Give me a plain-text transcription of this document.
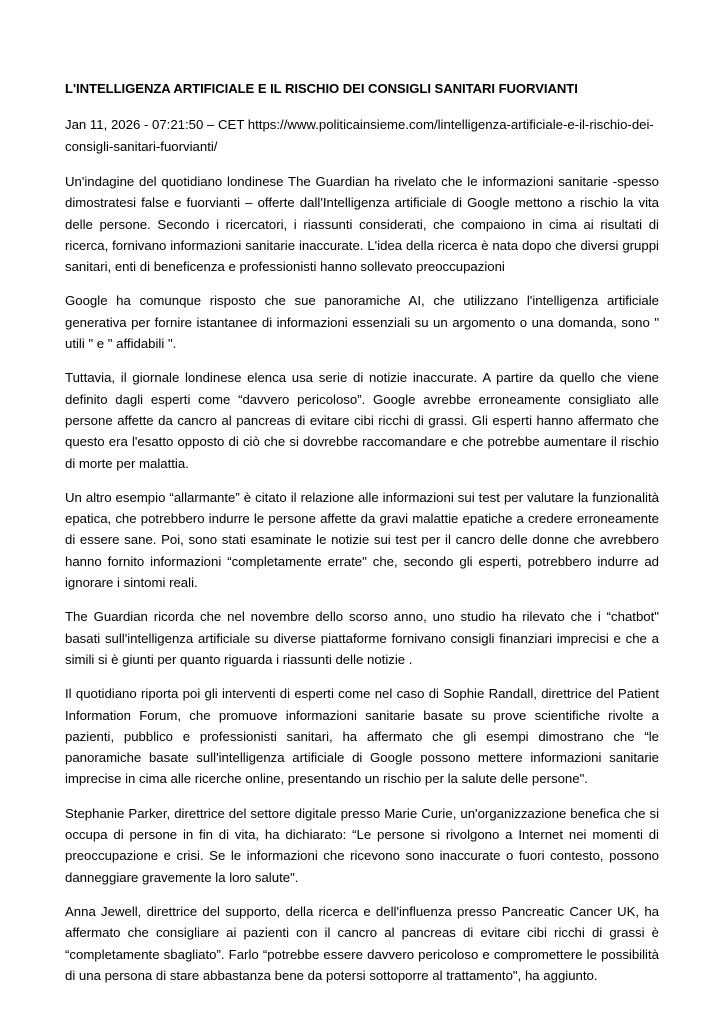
L'INTELLIGENZA ARTIFICIALE E IL RISCHIO DEI CONSIGLI SANITARI FUORVIANTI

Jan 11, 2026 - 07:21:50 – CET https://www.politicainsieme.com/lintelligenza-artificiale-e-il-rischio-dei-consigli-sanitari-fuorvianti/

Un'indagine del quotidiano londinese The Guardian ha rivelato che le informazioni sanitarie -spesso dimostratesi false e fuorvianti – offerte dall'Intelligenza artificiale di Google mettono a rischio la vita delle persone. Secondo i ricercatori, i riassunti considerati, che compaiono in cima ai risultati di ricerca, fornivano informazioni sanitarie inaccurate. L'idea della ricerca è nata dopo che diversi gruppi sanitari, enti di beneficenza e professionisti hanno sollevato preoccupazioni

Google ha comunque risposto che sue panoramiche AI, che utilizzano l'intelligenza artificiale generativa per fornire istantanee di informazioni essenziali su un argomento o una domanda, sono " utili " e " affidabili ".

Tuttavia, il giornale londinese elenca usa serie di notizie inaccurate. A partire da quello che viene definito dagli esperti come “davvero pericoloso”. Google avrebbe erroneamente consigliato alle persone affette da cancro al pancreas di evitare cibi ricchi di grassi. Gli esperti hanno affermato che questo era l'esatto opposto di ciò che si dovrebbe raccomandare e che potrebbe aumentare il rischio di morte per malattia.

Un altro esempio “allarmante” è citato il relazione alle informazioni sui test per valutare la funzionalità epatica, che potrebbero indurre le persone affette da gravi malattie epatiche a credere erroneamente di essere sane. Poi, sono stati esaminate le notizie sui test per il cancro delle donne che avrebbero hanno fornito informazioni “completamente errate" che, secondo gli esperti, potrebbero indurre ad ignorare i sintomi reali.

The Guardian ricorda che nel novembre dello scorso anno, uno studio ha rilevato che i “chatbot" basati sull'intelligenza artificiale su diverse piattaforme fornivano consigli finanziari imprecisi e che a simili si è giunti per quanto riguarda i riassunti delle notizie .

Il quotidiano riporta poi gli interventi di esperti come nel caso di Sophie Randall, direttrice del Patient Information Forum, che promuove informazioni sanitarie basate su prove scientifiche rivolte a pazienti, pubblico e professionisti sanitari, ha affermato che gli esempi dimostrano che “le panoramiche basate sull'intelligenza artificiale di Google possono mettere informazioni sanitarie imprecise in cima alle ricerche online, presentando un rischio per la salute delle persone".

Stephanie Parker, direttrice del settore digitale presso Marie Curie, un'organizzazione benefica che si occupa di persone in fin di vita, ha dichiarato: “Le persone si rivolgono a Internet nei momenti di preoccupazione e crisi. Se le informazioni che ricevono sono inaccurate o fuori contesto, possono danneggiare gravemente la loro salute".

Anna Jewell, direttrice del supporto, della ricerca e dell'influenza presso Pancreatic Cancer UK, ha affermato che consigliare ai pazienti con il cancro al pancreas di evitare cibi ricchi di grassi è “completamente sbagliato”. Farlo “potrebbe essere davvero pericoloso e compromettere le possibilità di una persona di stare abbastanza bene da potersi sottoporre al trattamento", ha aggiunto.
